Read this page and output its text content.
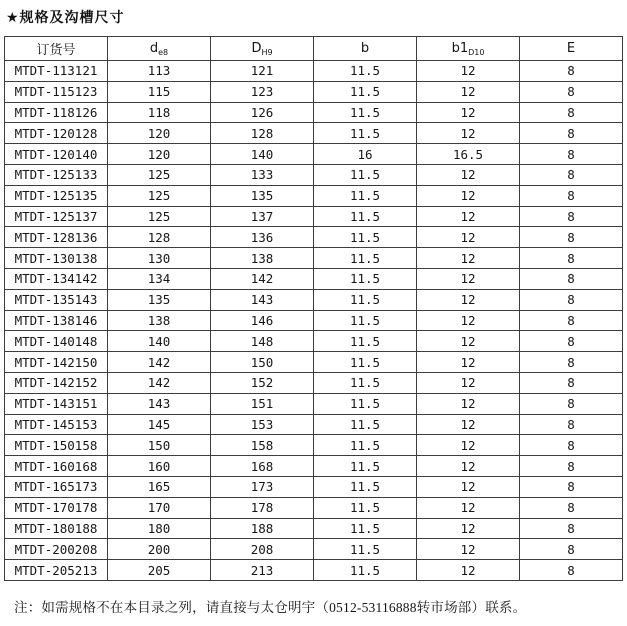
★规格及沟槽尺寸
订货号	$d_{e8}$	$D_{H9}$	b	$b1_{D10}$	E
MTDT-113121	113	121	11.5	12	8
MTDT-115123	115	123	11.5	12	8
MTDT-118126	118	126	11.5	12	8
MTDT-120128	120	128	11.5	12	8
MTDT-120140	120	140	16	16.5	8
MTDT-125133	125	133	11.5	12	8
MTDT-125135	125	135	11.5	12	8
MTDT-125137	125	137	11.5	12	8
MTDT-128136	128	136	11.5	12	8
MTDT-130138	130	138	11.5	12	8
MTDT-134142	134	142	11.5	12	8
MTDT-135143	135	143	11.5	12	8
MTDT-138146	138	146	11.5	12	8
MTDT-140148	140	148	11.5	12	8
MTDT-142150	142	150	11.5	12	8
MTDT-142152	142	152	11.5	12	8
MTDT-143151	143	151	11.5	12	8
MTDT-145153	145	153	11.5	12	8
MTDT-150158	150	158	11.5	12	8
MTDT-160168	160	168	11.5	12	8
MTDT-165173	165	173	11.5	12	8
MTDT-170178	170	178	11.5	12	8
MTDT-180188	180	188	11.5	12	8
MTDT-200208	200	208	11.5	12	8
MTDT-205213	205	213	11.5	12	8
注：如需规格不在本目录之列，请直接与太仓明宇（0512-53116888转市场部）联系。
